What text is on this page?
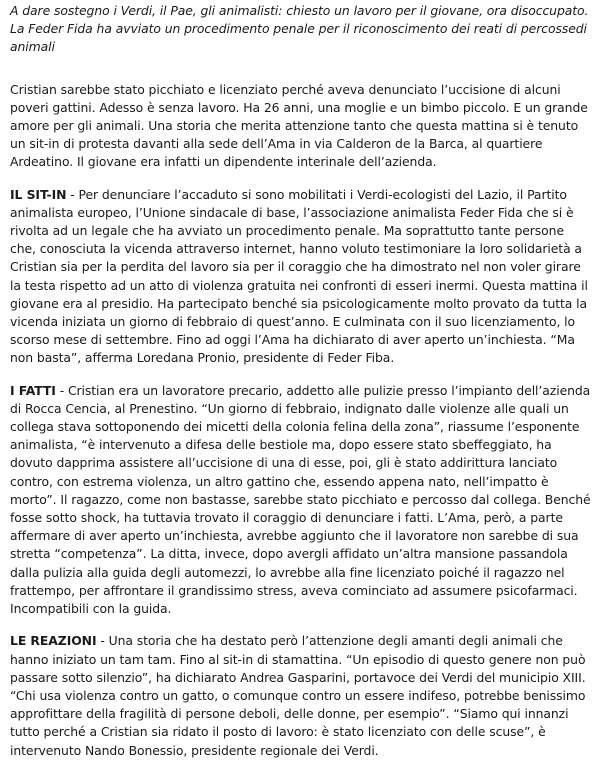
A dare sostegno i Verdi, il Pae, gli animalisti: chiesto un lavoro per il giovane, ora disoccupato. La Feder Fida ha avviato un procedimento penale per il riconoscimento dei reati di percossedi animali

Cristian sarebbe stato picchiato e licenziato perché aveva denunciato l’uccisione di alcuni poveri gattini. Adesso è senza lavoro. Ha 26 anni, una moglie e un bimbo piccolo. E un grande amore per gli animali. Una storia che merita attenzione tanto che questa mattina si è tenuto un sit-in di protesta davanti alla sede dell’Ama in via Calderon de la Barca, al quartiere Ardeatino. Il giovane era infatti un dipendente interinale dell’azienda.

IL SIT-IN - Per denunciare l’accaduto si sono mobilitati i Verdi-ecologisti del Lazio, il Partito animalista europeo, l’Unione sindacale di base, l’associazione animalista Feder Fida che si è rivolta ad un legale che ha avviato un procedimento penale. Ma soprattutto tante persone che, conosciuta la vicenda attraverso internet, hanno voluto testimoniare la loro solidarietà a Cristian sia per la perdita del lavoro sia per il coraggio che ha dimostrato nel non voler girare la testa rispetto ad un atto di violenza gratuita nei confronti di esseri inermi. Questa mattina il giovane era al presidio. Ha partecipato benché sia psicologicamente molto provato da tutta la vicenda iniziata un giorno di febbraio di quest’anno. E culminata con il suo licenziamento, lo scorso mese di settembre. Fino ad oggi l’Ama ha dichiarato di aver aperto un’inchiesta. “Ma non basta”, afferma Loredana Pronio, presidente di Feder Fiba.

I FATTI - Cristian era un lavoratore precario, addetto alle pulizie presso l’impianto dell’azienda di Rocca Cencia, al Prenestino. “Un giorno di febbraio, indignato dalle violenze alle quali un collega stava sottoponendo dei micetti della colonia felina della zona”, riassume l’esponente animalista, “è intervenuto a difesa delle bestiole ma, dopo essere stato sbeffeggiato, ha dovuto dapprima assistere all’uccisione di una di esse, poi, gli è stato addirittura lanciato contro, con estrema violenza, un altro gattino che, essendo appena nato, nell’impatto è morto”. Il ragazzo, come non bastasse, sarebbe stato picchiato e percosso dal collega. Benché fosse sotto shock, ha tuttavia trovato il coraggio di denunciare i fatti. L’Ama, però, a parte affermare di aver aperto un’inchiesta, avrebbe aggiunto che il lavoratore non sarebbe di sua stretta “competenza”. La ditta, invece, dopo avergli affidato un’altra mansione passandola dalla pulizia alla guida degli automezzi, lo avrebbe alla fine licenziato poiché il ragazzo nel frattempo, per affrontare il grandissimo stress, aveva cominciato ad assumere psicofarmaci. Incompatibili con la guida.

LE REAZIONI - Una storia che ha destato però l’attenzione degli amanti degli animali che hanno iniziato un tam tam. Fino al sit-in di stamattina. “Un episodio di questo genere non può passare sotto silenzio”, ha dichiarato Andrea Gasparini, portavoce dei Verdi del municipio XIII. “Chi usa violenza contro un gatto, o comunque contro un essere indifeso, potrebbe benissimo approfittare della fragilità di persone deboli, delle donne, per esempio”. “Siamo qui innanzi tutto perché a Cristian sia ridato il posto di lavoro: è stato licenziato con delle scuse”, è intervenuto Nando Bonessio, presidente regionale dei Verdi.
